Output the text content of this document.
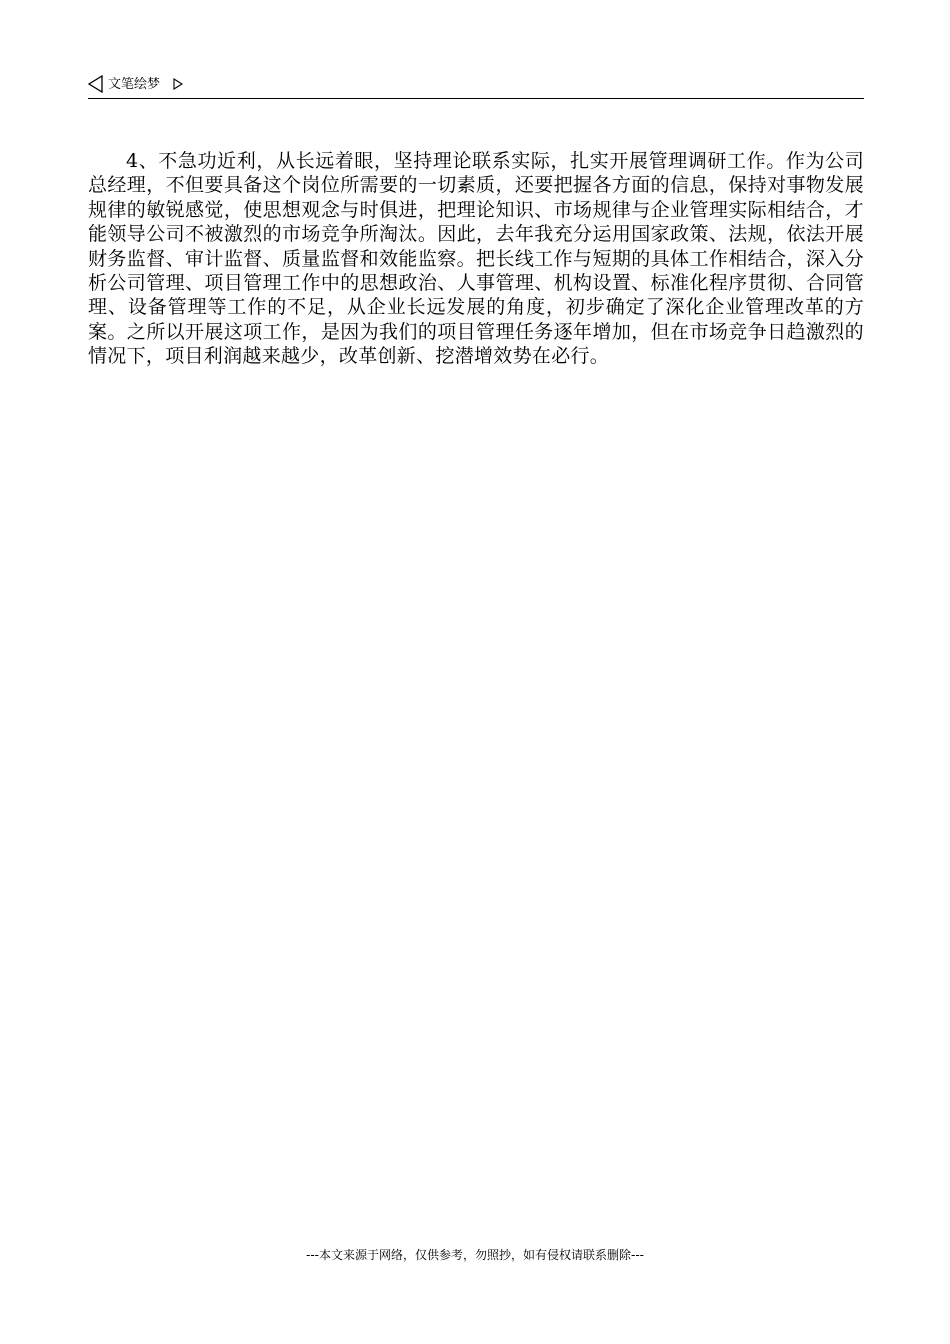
文笔绘梦

4、不急功近利，从长远着眼，坚持理论联系实际，扎实开展管理调研工作。作为公司总经理，不但要具备这个岗位所需要的一切素质，还要把握各方面的信息，保持对事物发展规律的敏锐感觉，使思想观念与时俱进，把理论知识、市场规律与企业管理实际相结合，才能领导公司不被激烈的市场竞争所淘汰。因此，去年我充分运用国家政策、法规，依法开展财务监督、审计监督、质量监督和效能监察。把长线工作与短期的具体工作相结合，深入分析公司管理、项目管理工作中的思想政治、人事管理、机构设置、标准化程序贯彻、合同管理、设备管理等工作的不足，从企业长远发展的角度，初步确定了深化企业管理改革的方案。之所以开展这项工作，是因为我们的项目管理任务逐年增加，但在市场竞争日趋激烈的情况下，项目利润越来越少，改革创新、挖潜增效势在必行。

---本文来源于网络，仅供参考，勿照抄，如有侵权请联系删除---
